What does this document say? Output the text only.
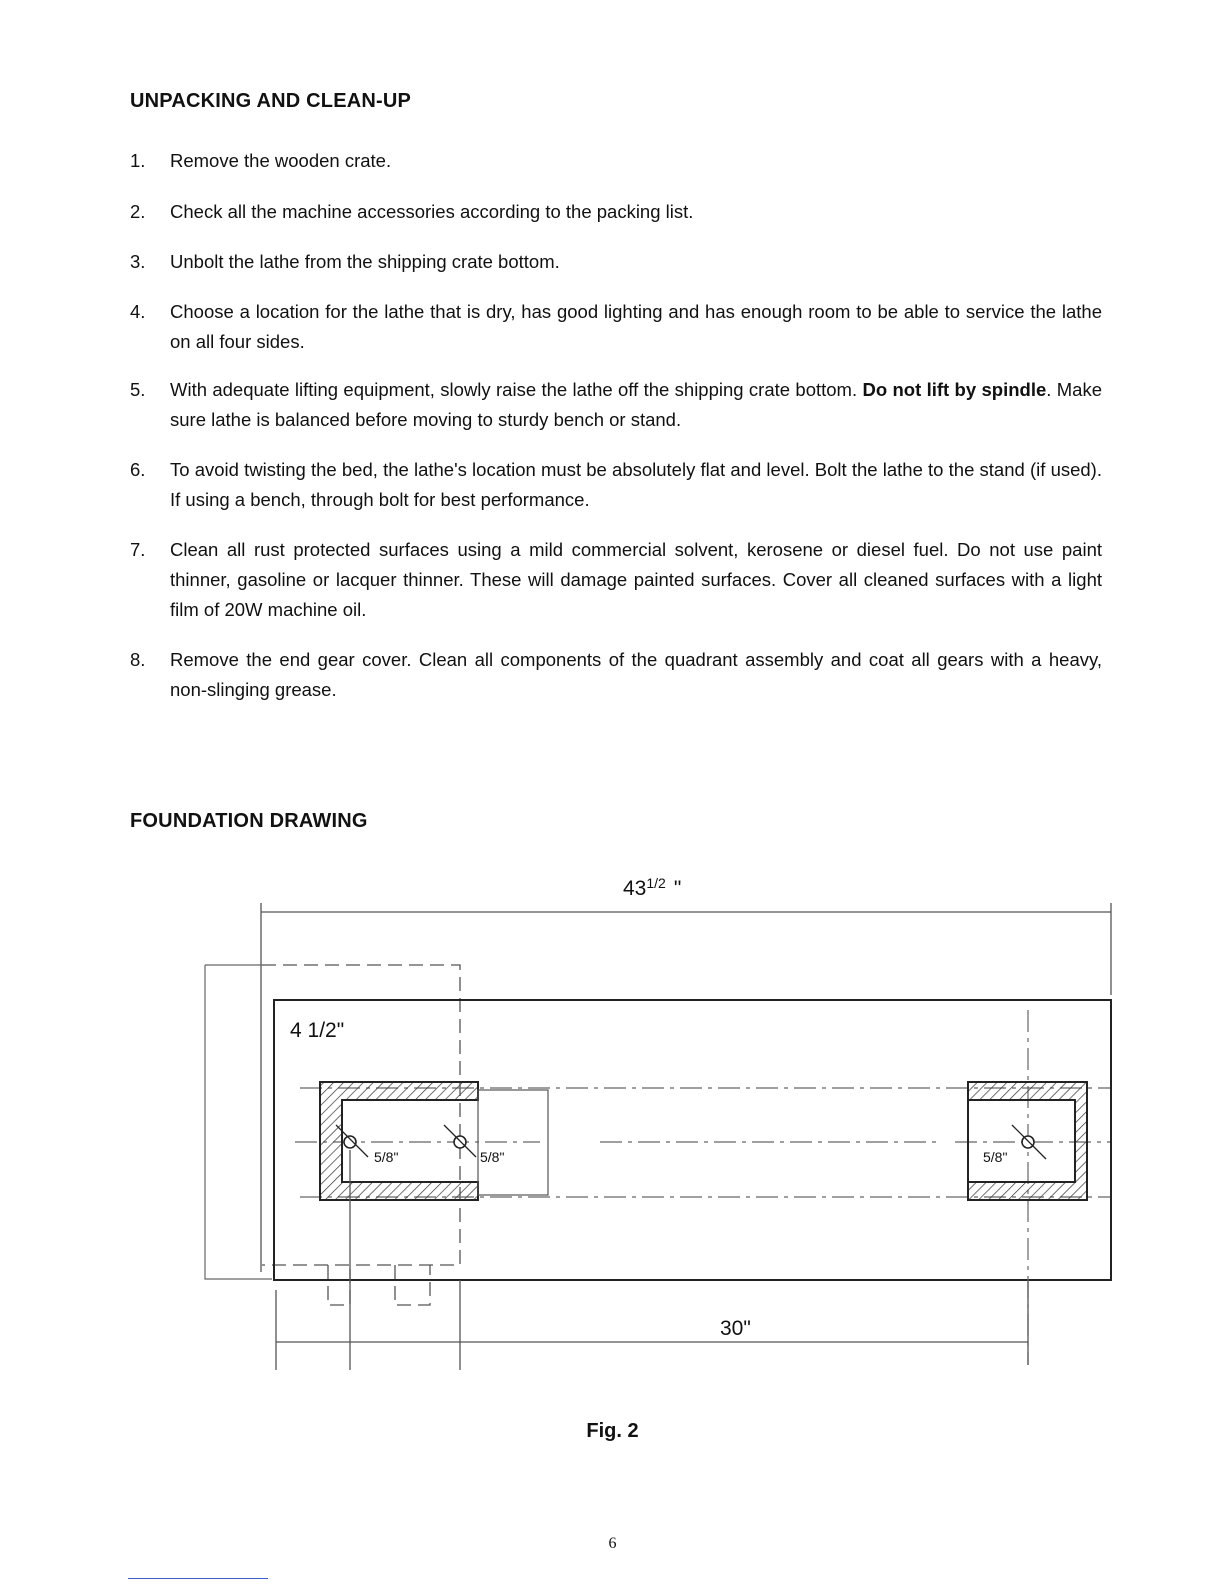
UNPACKING AND CLEAN-UP
1. Remove the wooden crate.
2. Check all the machine accessories according to the packing list.
3. Unbolt the lathe from the shipping crate bottom.
4. Choose a location for the lathe that is dry, has good lighting and has enough room to be able to service the lathe on all four sides.
5. With adequate lifting equipment, slowly raise the lathe off the shipping crate bottom. Do not lift by spindle. Make sure lathe is balanced before moving to sturdy bench or stand.
6. To avoid twisting the bed, the lathe's location must be absolutely flat and level. Bolt the lathe to the stand (if used). If using a bench, through bolt for best performance.
7. Clean all rust protected surfaces using a mild commercial solvent, kerosene or diesel fuel. Do not use paint thinner, gasoline or lacquer thinner. These will damage painted surfaces. Cover all cleaned surfaces with a light film of 20W machine oil.
8. Remove the end gear cover. Clean all components of the quadrant assembly and coat all gears with a heavy, non-slinging grease.
FOUNDATION DRAWING
$43^{1/2}$ "
4 1/2"
5/8"	5/8"	5/8"
30"
Fig. 2
6
